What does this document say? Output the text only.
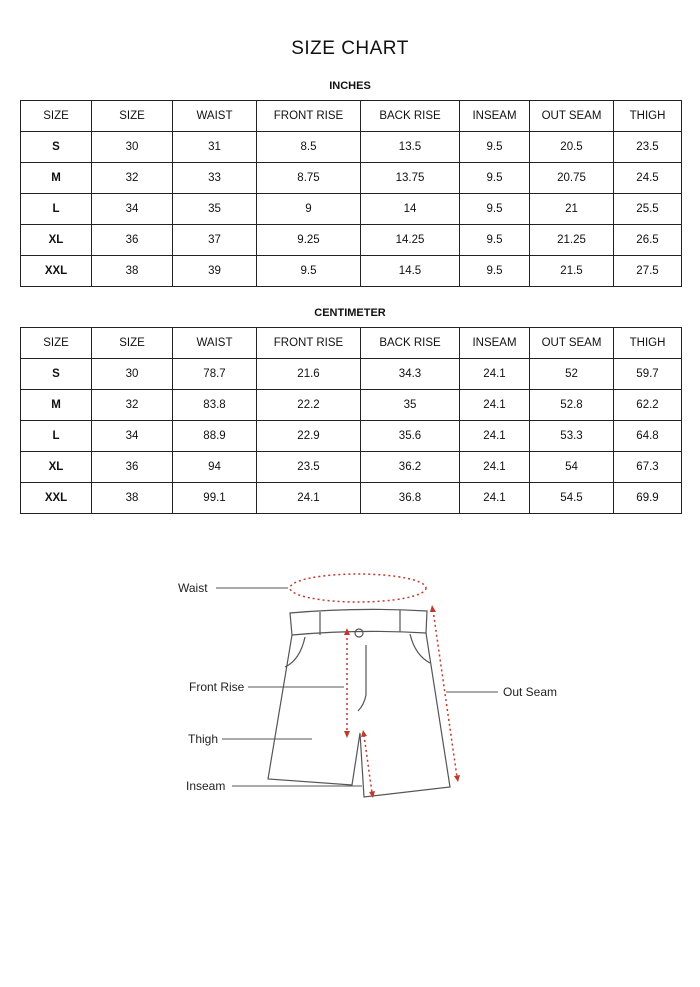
SIZE CHART
INCHES
SIZE	SIZE	WAIST	FRONT RISE	BACK RISE	INSEAM	OUT SEAM	THIGH
S	30	31	8.5	13.5	9.5	20.5	23.5
M	32	33	8.75	13.75	9.5	20.75	24.5
L	34	35	9	14	9.5	21	25.5
XL	36	37	9.25	14.25	9.5	21.25	26.5
XXL	38	39	9.5	14.5	9.5	21.5	27.5
CENTIMETER
SIZE	SIZE	WAIST	FRONT RISE	BACK RISE	INSEAM	OUT SEAM	THIGH
S	30	78.7	21.6	34.3	24.1	52	59.7
M	32	83.8	22.2	35	24.1	52.8	62.2
L	34	88.9	22.9	35.6	24.1	53.3	64.8
XL	36	94	23.5	36.2	24.1	54	67.3
XXL	38	99.1	24.1	36.8	24.1	54.5	69.9
Waist
Front Rise
Thigh
Inseam
Out Seam
